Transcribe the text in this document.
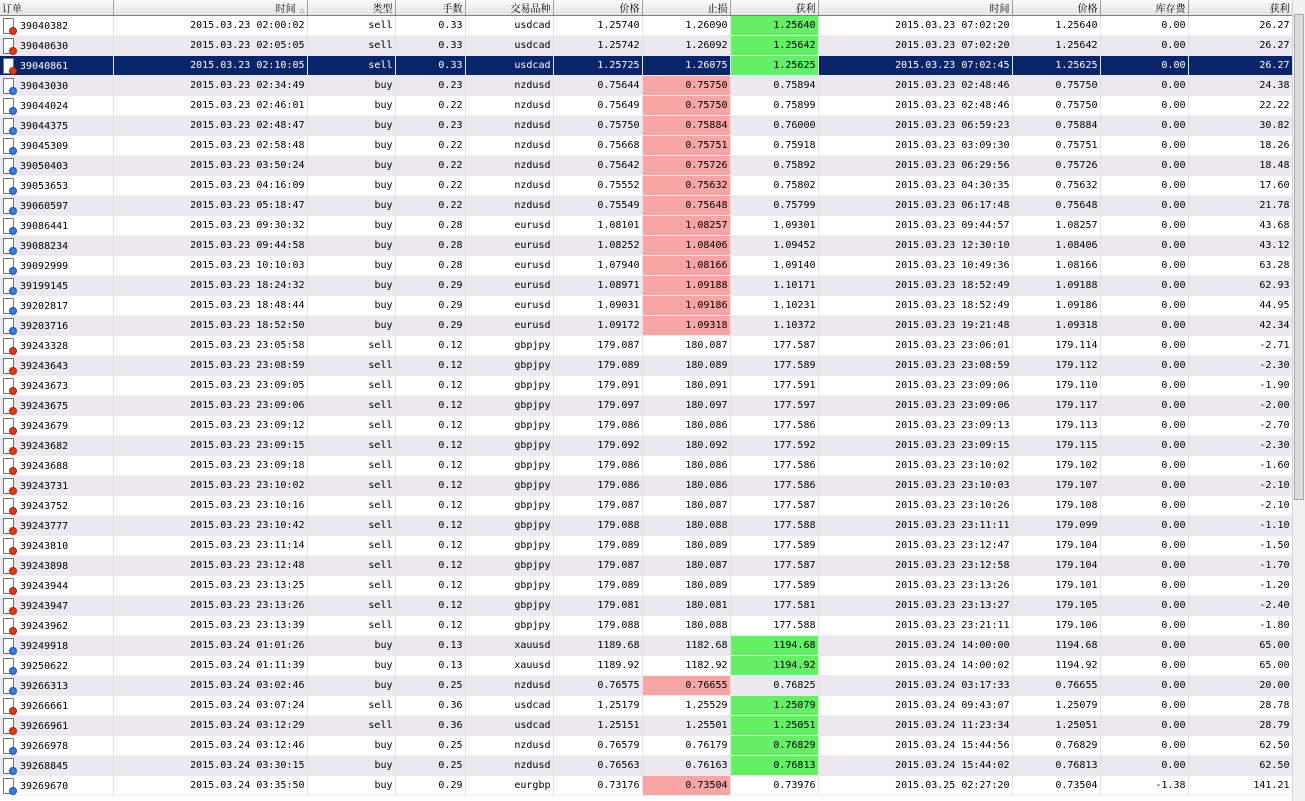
订单	时间 △	类型	手数	交易品种	价格	止损	获利	时间	价格	库存费	获利

39040382	2015.03.23 02:00:02	sell	0.33	usdcad	1.25740	1.26090	1.25640	2015.03.23 07:02:20	1.25640	0.00	26.27

39040630	2015.03.23 02:05:05	sell	0.33	usdcad	1.25742	1.26092	1.25642	2015.03.23 07:02:20	1.25642	0.00	26.27

39040861	2015.03.23 02:10:05	sell	0.33	usdcad	1.25725	1.26075	1.25625	2015.03.23 07:02:45	1.25625	0.00	26.27

39043030	2015.03.23 02:34:49	buy	0.23	nzdusd	0.75644	0.75750	0.75894	2015.03.23 02:48:46	0.75750	0.00	24.38

39044024	2015.03.23 02:46:01	buy	0.22	nzdusd	0.75649	0.75750	0.75899	2015.03.23 02:48:46	0.75750	0.00	22.22

39044375	2015.03.23 02:48:47	buy	0.23	nzdusd	0.75750	0.75884	0.76000	2015.03.23 06:59:23	0.75884	0.00	30.82

39045309	2015.03.23 02:58:48	buy	0.22	nzdusd	0.75668	0.75751	0.75918	2015.03.23 03:09:30	0.75751	0.00	18.26

39050403	2015.03.23 03:50:24	buy	0.22	nzdusd	0.75642	0.75726	0.75892	2015.03.23 06:29:56	0.75726	0.00	18.48

39053653	2015.03.23 04:16:09	buy	0.22	nzdusd	0.75552	0.75632	0.75802	2015.03.23 04:30:35	0.75632	0.00	17.60

39060597	2015.03.23 05:18:47	buy	0.22	nzdusd	0.75549	0.75648	0.75799	2015.03.23 06:17:48	0.75648	0.00	21.78

39086441	2015.03.23 09:30:32	buy	0.28	eurusd	1.08101	1.08257	1.09301	2015.03.23 09:44:57	1.08257	0.00	43.68

39088234	2015.03.23 09:44:58	buy	0.28	eurusd	1.08252	1.08406	1.09452	2015.03.23 12:30:10	1.08406	0.00	43.12

39092999	2015.03.23 10:10:03	buy	0.28	eurusd	1.07940	1.08166	1.09140	2015.03.23 10:49:36	1.08166	0.00	63.28

39199145	2015.03.23 18:24:32	buy	0.29	eurusd	1.08971	1.09188	1.10171	2015.03.23 18:52:49	1.09188	0.00	62.93

39202817	2015.03.23 18:48:44	buy	0.29	eurusd	1.09031	1.09186	1.10231	2015.03.23 18:52:49	1.09186	0.00	44.95

39203716	2015.03.23 18:52:50	buy	0.29	eurusd	1.09172	1.09318	1.10372	2015.03.23 19:21:48	1.09318	0.00	42.34

39243328	2015.03.23 23:05:58	sell	0.12	gbpjpy	179.087	180.087	177.587	2015.03.23 23:06:01	179.114	0.00	-2.71

39243643	2015.03.23 23:08:59	sell	0.12	gbpjpy	179.089	180.089	177.589	2015.03.23 23:08:59	179.112	0.00	-2.30

39243673	2015.03.23 23:09:05	sell	0.12	gbpjpy	179.091	180.091	177.591	2015.03.23 23:09:06	179.110	0.00	-1.90

39243675	2015.03.23 23:09:06	sell	0.12	gbpjpy	179.097	180.097	177.597	2015.03.23 23:09:06	179.117	0.00	-2.00

39243679	2015.03.23 23:09:12	sell	0.12	gbpjpy	179.086	180.086	177.586	2015.03.23 23:09:13	179.113	0.00	-2.70

39243682	2015.03.23 23:09:15	sell	0.12	gbpjpy	179.092	180.092	177.592	2015.03.23 23:09:15	179.115	0.00	-2.30

39243688	2015.03.23 23:09:18	sell	0.12	gbpjpy	179.086	180.086	177.586	2015.03.23 23:10:02	179.102	0.00	-1.60

39243731	2015.03.23 23:10:02	sell	0.12	gbpjpy	179.086	180.086	177.586	2015.03.23 23:10:03	179.107	0.00	-2.10

39243752	2015.03.23 23:10:16	sell	0.12	gbpjpy	179.087	180.087	177.587	2015.03.23 23:10:26	179.108	0.00	-2.10

39243777	2015.03.23 23:10:42	sell	0.12	gbpjpy	179.088	180.088	177.588	2015.03.23 23:11:11	179.099	0.00	-1.10

39243810	2015.03.23 23:11:14	sell	0.12	gbpjpy	179.089	180.089	177.589	2015.03.23 23:12:47	179.104	0.00	-1.50

39243898	2015.03.23 23:12:48	sell	0.12	gbpjpy	179.087	180.087	177.587	2015.03.23 23:12:58	179.104	0.00	-1.70

39243944	2015.03.23 23:13:25	sell	0.12	gbpjpy	179.089	180.089	177.589	2015.03.23 23:13:26	179.101	0.00	-1.20

39243947	2015.03.23 23:13:26	sell	0.12	gbpjpy	179.081	180.081	177.581	2015.03.23 23:13:27	179.105	0.00	-2.40

39243962	2015.03.23 23:13:39	sell	0.12	gbpjpy	179.088	180.088	177.588	2015.03.23 23:21:11	179.106	0.00	-1.80

39249918	2015.03.24 01:01:26	buy	0.13	xauusd	1189.68	1182.68	1194.68	2015.03.24 14:00:00	1194.68	0.00	65.00

39250622	2015.03.24 01:11:39	buy	0.13	xauusd	1189.92	1182.92	1194.92	2015.03.24 14:00:02	1194.92	0.00	65.00

39266313	2015.03.24 03:02:46	buy	0.25	nzdusd	0.76575	0.76655	0.76825	2015.03.24 03:17:33	0.76655	0.00	20.00

39266661	2015.03.24 03:07:24	sell	0.36	usdcad	1.25179	1.25529	1.25079	2015.03.24 09:43:07	1.25079	0.00	28.78

39266961	2015.03.24 03:12:29	sell	0.36	usdcad	1.25151	1.25501	1.25051	2015.03.24 11:23:34	1.25051	0.00	28.79

39266978	2015.03.24 03:12:46	buy	0.25	nzdusd	0.76579	0.76179	0.76829	2015.03.24 15:44:56	0.76829	0.00	62.50

39268845	2015.03.24 03:30:15	buy	0.25	nzdusd	0.76563	0.76163	0.76813	2015.03.24 15:44:02	0.76813	0.00	62.50

39269670	2015.03.24 03:35:50	buy	0.29	eurgbp	0.73176	0.73504	0.73976	2015.03.25 02:27:20	0.73504	-1.38	141.21
